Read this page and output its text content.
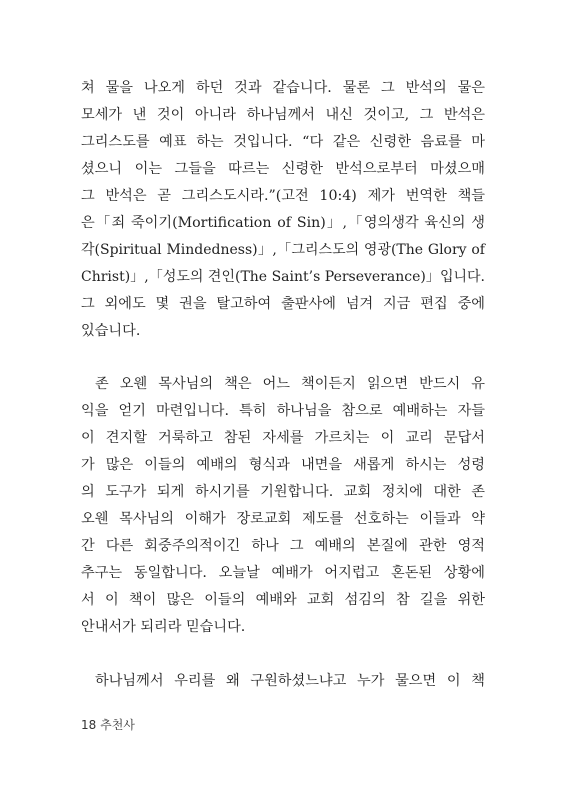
쳐 물을 나오게 하던 것과 같습니다. 물론 그 반석의 물은
모세가 낸 것이 아니라 하나님께서 내신 것이고, 그 반석은
그리스도를 예표 하는 것입니다. “다 같은 신령한 음료를 마
셨으니 이는 그들을 따르는 신령한 반석으로부터 마셨으매
그 반석은 곧 그리스도시라.”(고전 10:4) 제가 번역한 책들
은「죄 죽이기(Mortification of Sin)」,「영의생각 육신의 생
각(Spiritual Mindedness)」,「그리스도의 영광(The Glory of
Christ)」,「성도의 견인(The Saint’s Perseverance)」입니다.
그 외에도 몇 권을 탈고하여 출판사에 넘겨 지금 편집 중에
있습니다.
존 오웬 목사님의 책은 어느 책이든지 읽으면 반드시 유
익을 얻기 마련입니다. 특히 하나님을 참으로 예배하는 자들
이 견지할 거룩하고 참된 자세를 가르치는 이 교리 문답서
가 많은 이들의 예배의 형식과 내면을 새롭게 하시는 성령
의 도구가 되게 하시기를 기원합니다. 교회 정치에 대한 존
오웬 목사님의 이해가 장로교회 제도를 선호하는 이들과 약
간 다른 회중주의적이긴 하나 그 예배의 본질에 관한 영적
추구는 동일합니다. 오늘날 예배가 어지럽고 혼돈된 상황에
서 이 책이 많은 이들의 예배와 교회 섬김의 참 길을 위한
안내서가 되리라 믿습니다.
하나님께서 우리를 왜 구원하셨느냐고 누가 물으면 이 책
18 추천사
